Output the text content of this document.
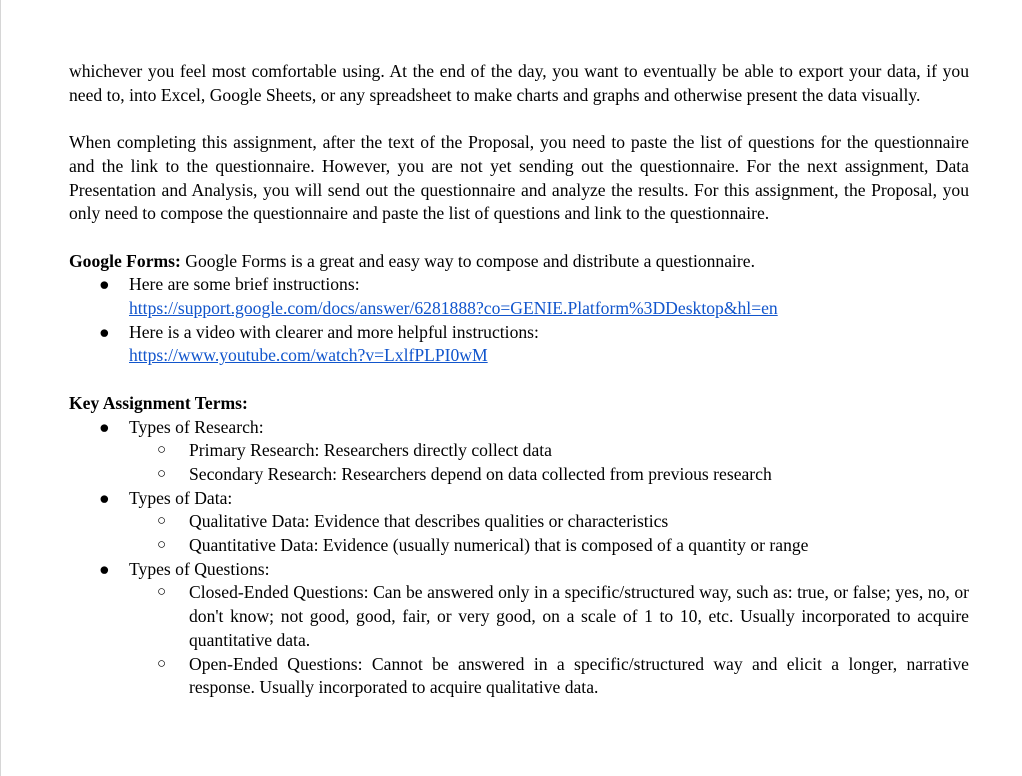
whichever you feel most comfortable using. At the end of the day, you want to eventually be able to export your data, if you need to, into Excel, Google Sheets, or any spreadsheet to make charts and graphs and otherwise present the data visually.

When completing this assignment, after the text of the Proposal, you need to paste the list of questions for the questionnaire and the link to the questionnaire. However, you are not yet sending out the questionnaire. For the next assignment, Data Presentation and Analysis, you will send out the questionnaire and analyze the results. For this assignment, the Proposal, you only need to compose the questionnaire and paste the list of questions and link to the questionnaire.

Google Forms: Google Forms is a great and easy way to compose and distribute a questionnaire.

●	Here are some brief instructions:
https://support.google.com/docs/answer/6281888?co=GENIE.Platform%3DDesktop&hl=en
●	Here is a video with clearer and more helpful instructions:
https://www.youtube.com/watch?v=LxlfPLPI0wM

Key Assignment Terms:

●	Types of Research:
○	Primary Research: Researchers directly collect data
○	Secondary Research: Researchers depend on data collected from previous research
●	Types of Data:
○	Qualitative Data: Evidence that describes qualities or characteristics
○	Quantitative Data: Evidence (usually numerical) that is composed of a quantity or range
●	Types of Questions:
○	Closed-Ended Questions: Can be answered only in a specific/structured way, such as: true, or false; yes, no, or don't know; not good, good, fair, or very good, on a scale of 1 to 10, etc. Usually incorporated to acquire quantitative data.
○	Open-Ended Questions: Cannot be answered in a specific/structured way and elicit a longer, narrative response. Usually incorporated to acquire qualitative data.
